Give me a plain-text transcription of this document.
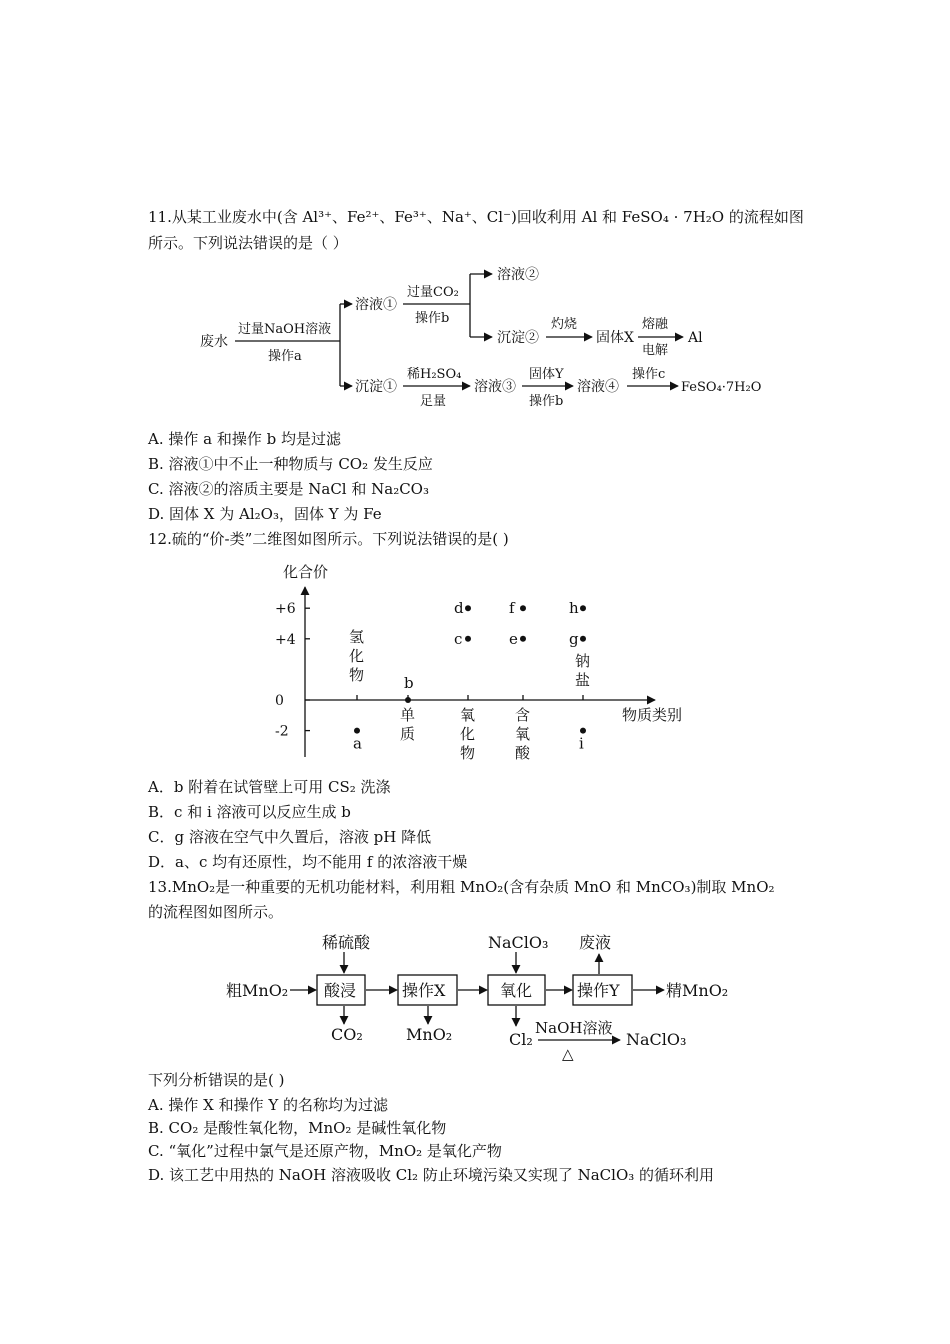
11.从某工业废水中(含 Al³⁺、Fe²⁺、Fe³⁺、Na⁺、Cl⁻)回收利用 Al 和 FeSO₄ · 7H₂O 的流程如图
所示。下列说法错误的是（ ）
废水
过量NaOH溶液
操作a
溶液①
沉淀①
过量CO₂
操作b
溶液②
沉淀②
灼烧
固体X
熔融
电解
Al
稀H₂SO₄
足量
溶液③
固体Y
操作b
溶液④
操作c
FeSO₄·7H₂O
A. 操作 a 和操作 b 均是过滤
B. 溶液①中不止一种物质与 CO₂ 发生反应
C. 溶液②的溶质主要是 NaCl 和 Na₂CO₃
D. 固体 X 为 Al₂O₃，固体 Y 为 Fe
12.硫的“价-类”二维图如图所示。下列说法错误的是( )
化合价
物质类别
+6
+4
0
-2
氢
化
物
单
质
氧
化
物
含
氧
酸
钠
盐
a
b
c
d
e
f
g
h
i
A．b 附着在试管壁上可用 CS₂ 洗涤
B．c 和 i 溶液可以反应生成 b
C．g 溶液在空气中久置后，溶液 pH 降低
D．a、c 均有还原性，均不能用 f 的浓溶液干燥
13.MnO₂是一种重要的无机功能材料，利用粗 MnO₂(含有杂质 MnO 和 MnCO₃)制取 MnO₂
的流程图如图所示。
稀硫酸
粗MnO₂ 酸浸
CO₂
操作X
MnO₂
NaClO₃
氧化
Cl₂
NaOH溶液
△
NaClO₃
操作Y
废液
精MnO₂
下列分析错误的是( )
A. 操作 X 和操作 Y 的名称均为过滤
B. CO₂ 是酸性氧化物，MnO₂ 是碱性氧化物
C. “氧化”过程中氯气是还原产物，MnO₂ 是氧化产物
D. 该工艺中用热的 NaOH 溶液吸收 Cl₂ 防止环境污染又实现了 NaClO₃ 的循环利用
